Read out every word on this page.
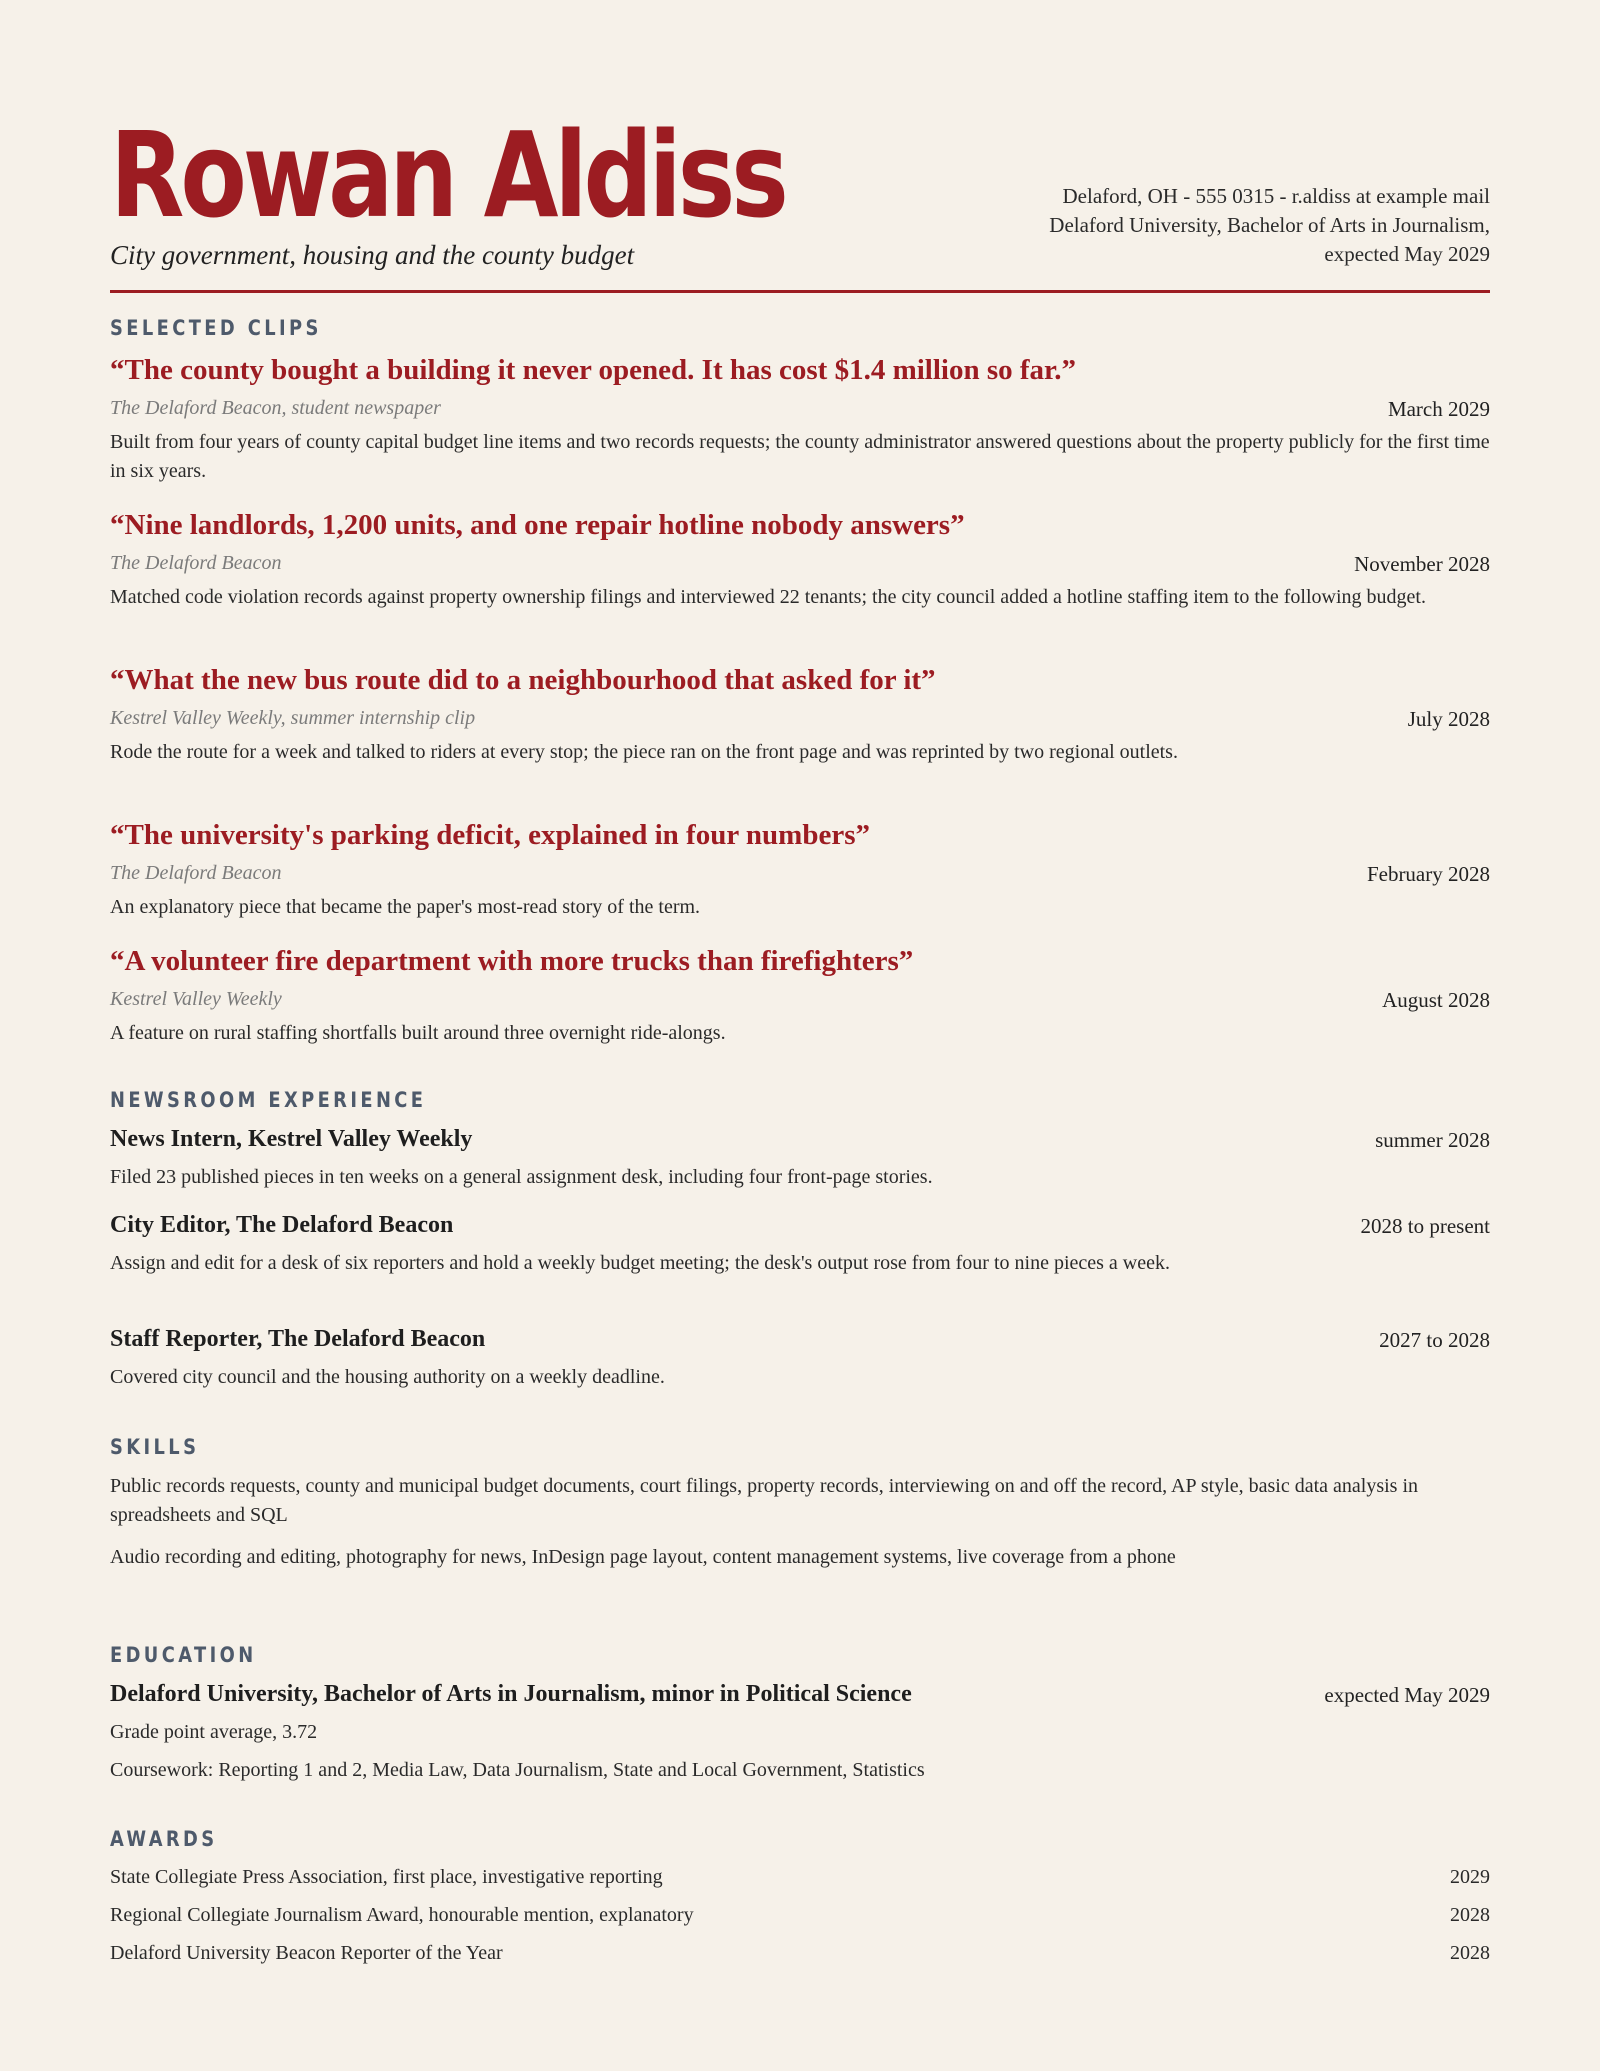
Rowan Aldiss
City government, housing and the county budget
Delaford, OH - 555 0315 - r.aldiss at example mail
Delaford University, Bachelor of Arts in Journalism,
expected May 2029
SELECTED CLIPS
“The county bought a building it never opened. It has cost $1.4 million so far.”
The Delaford Beacon, student newspaper	March 2029
Built from four years of county capital budget line items and two records requests; the county administrator answered questions about the property publicly for the first time in six years.
“Nine landlords, 1,200 units, and one repair hotline nobody answers”
The Delaford Beacon	November 2028
Matched code violation records against property ownership filings and interviewed 22 tenants; the city council added a hotline staffing item to the following budget.
“What the new bus route did to a neighbourhood that asked for it”
Kestrel Valley Weekly, summer internship clip	July 2028
Rode the route for a week and talked to riders at every stop; the piece ran on the front page and was reprinted by two regional outlets.
“The university's parking deficit, explained in four numbers”
The Delaford Beacon	February 2028
An explanatory piece that became the paper's most-read story of the term.
“A volunteer fire department with more trucks than firefighters”
Kestrel Valley Weekly	August 2028
A feature on rural staffing shortfalls built around three overnight ride-alongs.
NEWSROOM EXPERIENCE
News Intern, Kestrel Valley Weekly	summer 2028
Filed 23 published pieces in ten weeks on a general assignment desk, including four front-page stories.
City Editor, The Delaford Beacon	2028 to present
Assign and edit for a desk of six reporters and hold a weekly budget meeting; the desk's output rose from four to nine pieces a week.
Staff Reporter, The Delaford Beacon	2027 to 2028
Covered city council and the housing authority on a weekly deadline.
SKILLS
Public records requests, county and municipal budget documents, court filings, property records, interviewing on and off the record, AP style, basic data analysis in spreadsheets and SQL
Audio recording and editing, photography for news, InDesign page layout, content management systems, live coverage from a phone
EDUCATION
Delaford University, Bachelor of Arts in Journalism, minor in Political Science	expected May 2029
Grade point average, 3.72
Coursework: Reporting 1 and 2, Media Law, Data Journalism, State and Local Government, Statistics
AWARDS
State Collegiate Press Association, first place, investigative reporting	2029
Regional Collegiate Journalism Award, honourable mention, explanatory	2028
Delaford University Beacon Reporter of the Year	2028
